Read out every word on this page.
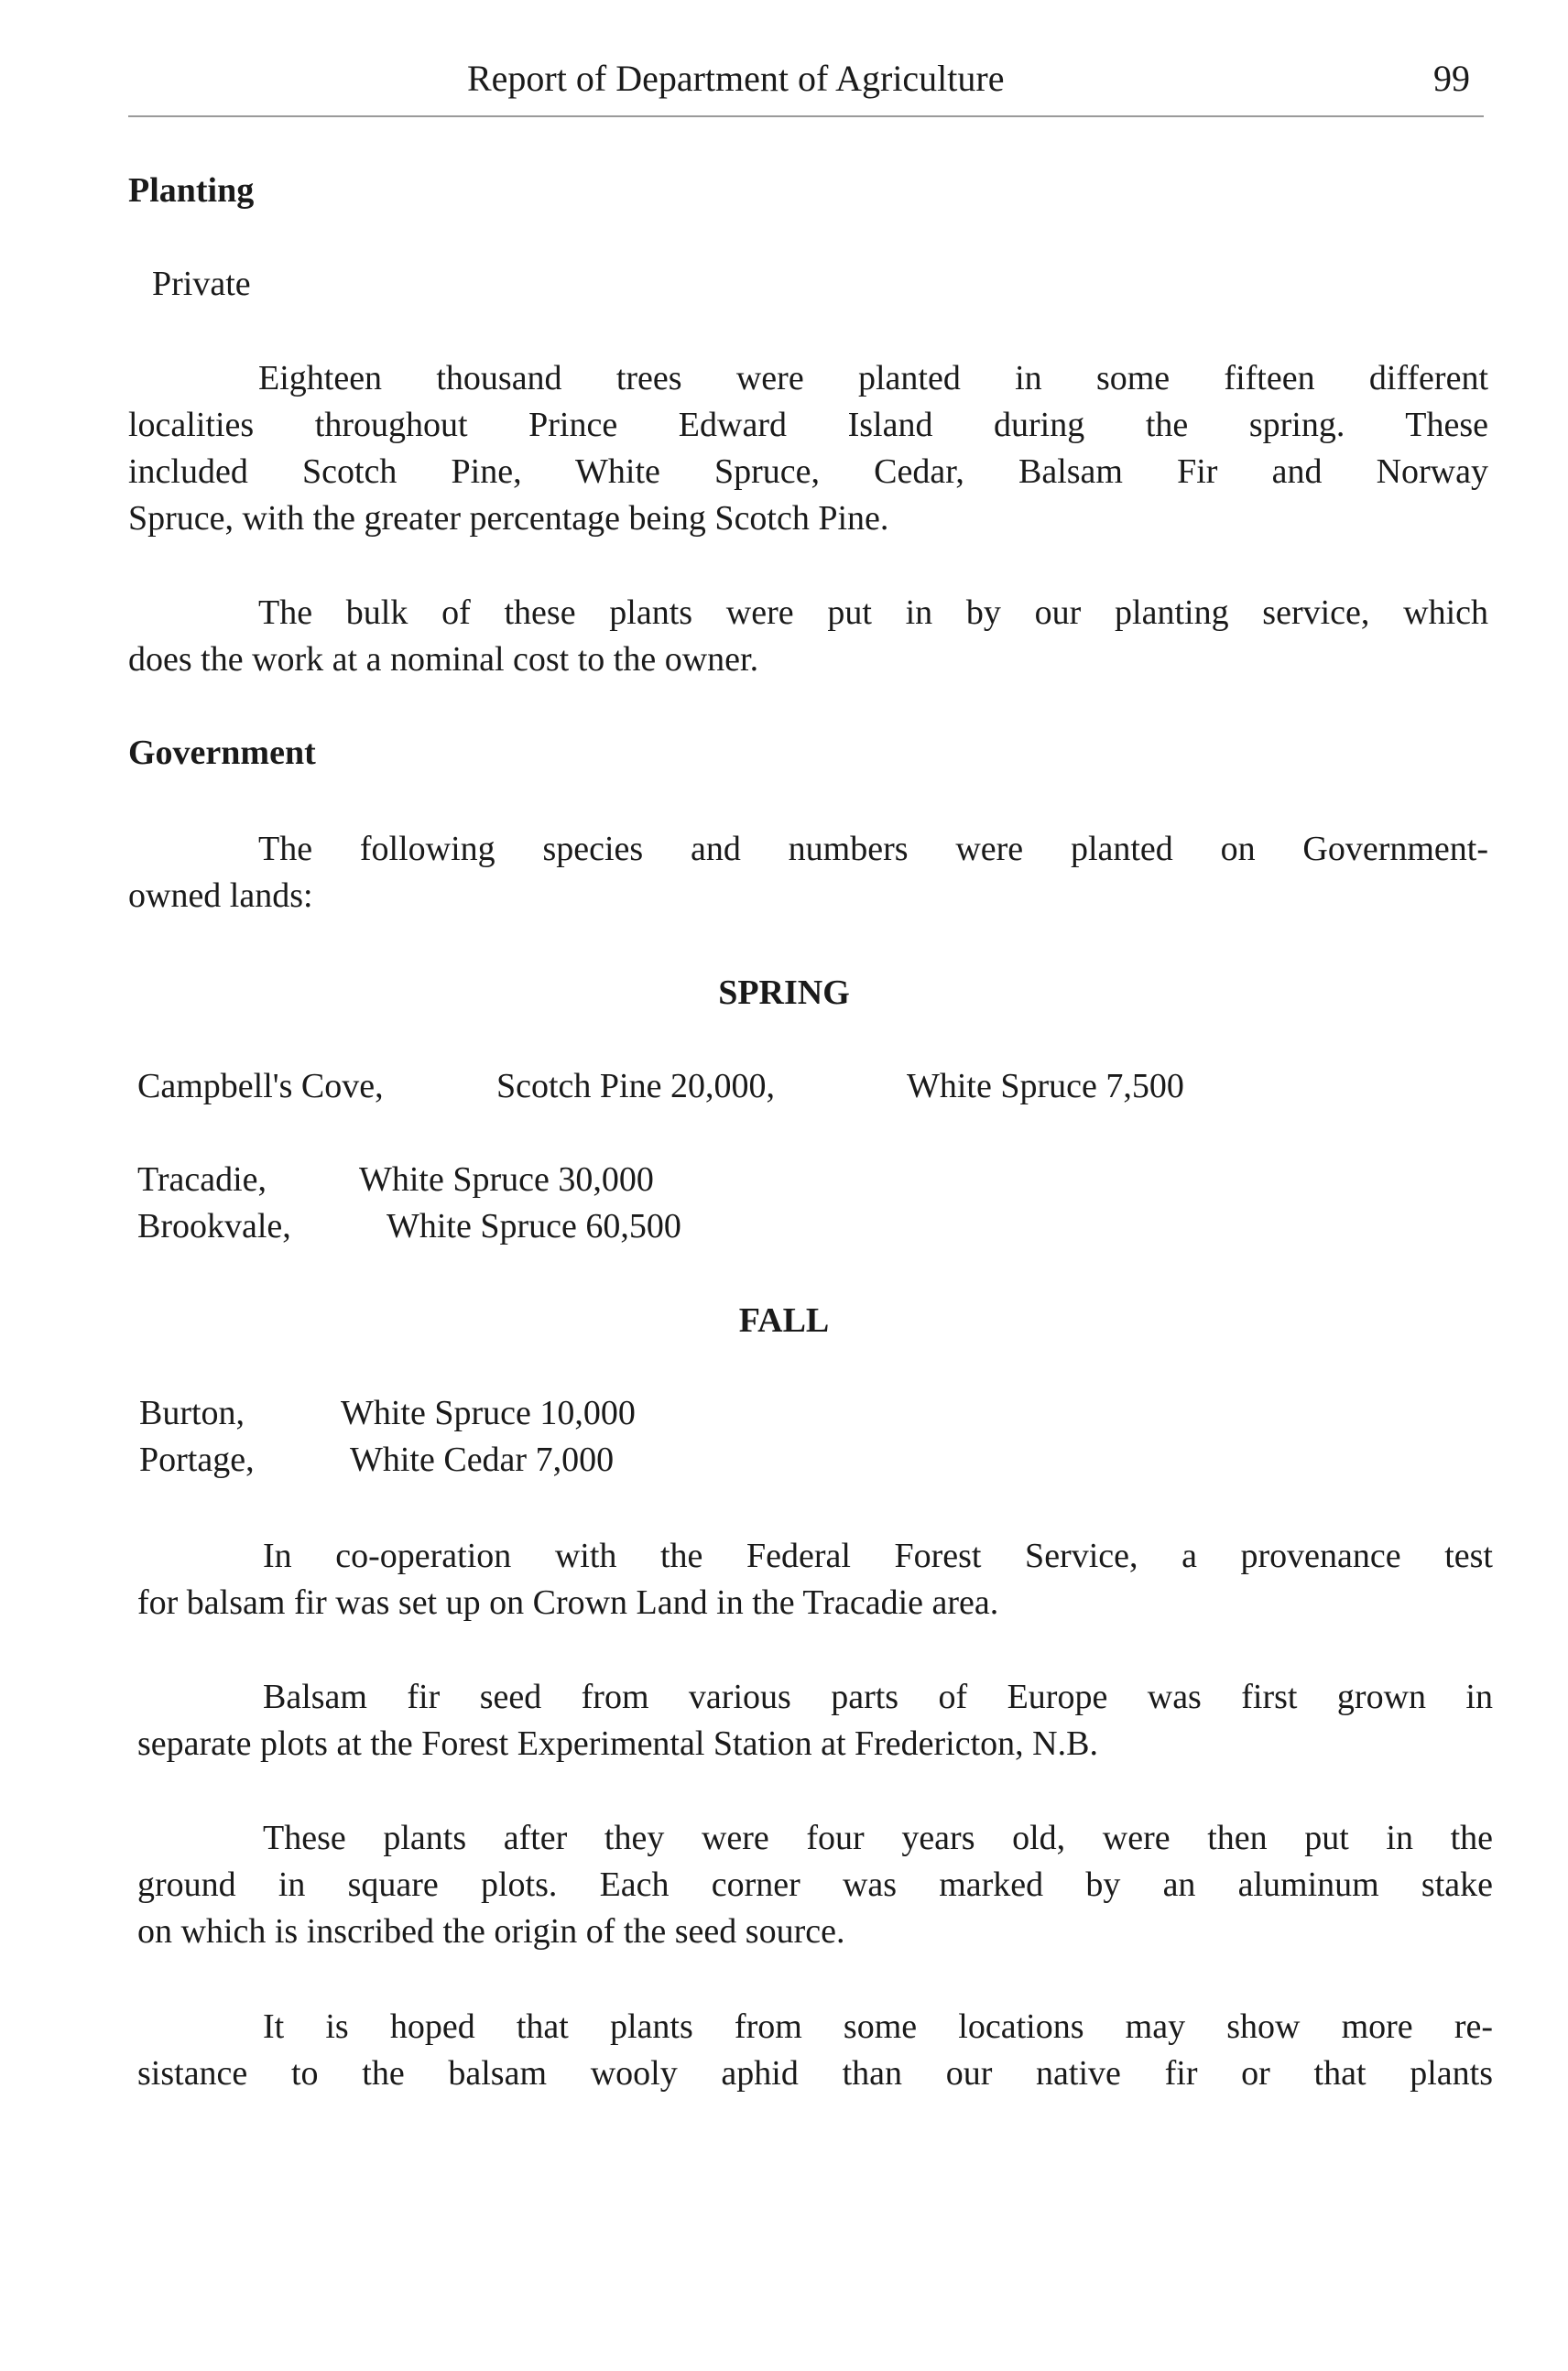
Report of Department of Agriculture	99
Planting
Private
Eighteen thousand trees were planted in some fifteen different
localities throughout Prince Edward Island during the spring. These
included Scotch Pine, White Spruce, Cedar, Balsam Fir and Norway
Spruce, with the greater percentage being Scotch Pine.
The bulk of these plants were put in by our planting service, which
does the work at a nominal cost to the owner.
Government
The following species and numbers were planted on Government-
owned lands:
SPRING
Campbell's Cove,	Scotch Pine 20,000,	White Spruce 7,500
Tracadie,	White Spruce 30,000
Brookvale,	White Spruce 60,500
FALL
Burton,	White Spruce 10,000
Portage,	White Cedar 7,000
In co-operation with the Federal Forest Service, a provenance test
for balsam fir was set up on Crown Land in the Tracadie area.
Balsam fir seed from various parts of Europe was first grown in
separate plots at the Forest Experimental Station at Fredericton, N.B.
These plants after they were four years old, were then put in the
ground in square plots. Each corner was marked by an aluminum stake
on which is inscribed the origin of the seed source.
It is hoped that plants from some locations may show more re-
sistance to the balsam wooly aphid than our native fir or that plants
